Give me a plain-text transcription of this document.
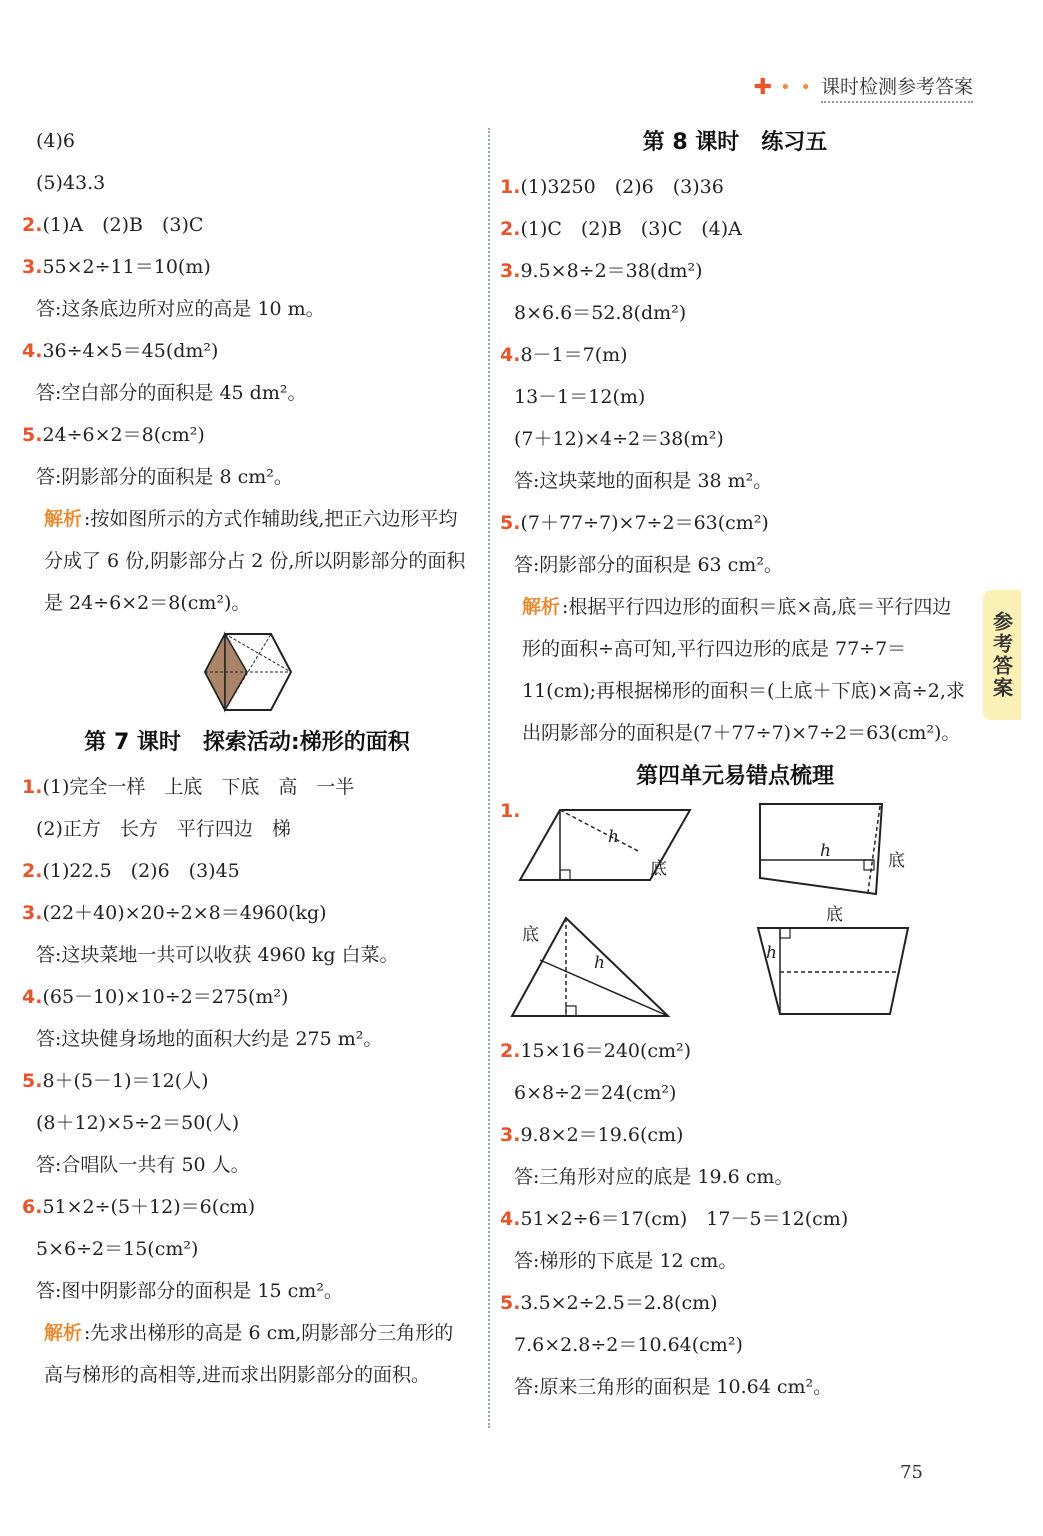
✚ • • 课时检测参考答案
(4)6
(5)43.3
2. (1)A　(2)B　(3)C
3. 55×2÷11＝10(m)
答:这条底边所对应的高是 10 m。
4. 36÷4×5＝45(dm²)
答:空白部分的面积是 45 dm²。
5. 24÷6×2＝8(cm²)
答:阴影部分的面积是 8 cm²。
解析 :按如图所示的方式作辅助线,把正六边形平均分成了 6 份,阴影部分占 2 份,所以阴影部分的面积是 24÷6×2＝8(cm²)。
第 7 课时　探索活动:梯形的面积
1. (1)完全一样　上底　下底　高　一半
(2)正方　长方　平行四边　梯
2. (1)22.5　(2)6　(3)45
3. (22＋40)×20÷2×8＝4960(kg)
答:这块菜地一共可以收获 4960 kg 白菜。
4. (65－10)×10÷2＝275(m²)
答:这块健身场地的面积大约是 275 m²。
5. 8＋(5－1)＝12(人)
(8＋12)×5÷2＝50(人)
答:合唱队一共有 50 人。
6. 51×2÷(5＋12)＝6(cm)
5×6÷2＝15(cm²)
答:图中阴影部分的面积是 15 cm²。
解析 :先求出梯形的高是 6 cm,阴影部分三角形的高与梯形的高相等,进而求出阴影部分的面积。
第 8 课时　练习五
1. (1)3250　(2)6　(3)36
2. (1)C　(2)B　(3)C　(4)A
3. 9.5×8÷2＝38(dm²)
8×6.6＝52.8(dm²)
4. 8－1＝7(m)
13－1＝12(m)
(7＋12)×4÷2＝38(m²)
答:这块菜地的面积是 38 m²。
5. (7＋77÷7)×7÷2＝63(cm²)
答:阴影部分的面积是 63 cm²。
解析 :根据平行四边形的面积＝底×高,底＝平行四边形的面积÷高可知,平行四边形的底是 77÷7＝11(cm);再根据梯形的面积＝(上底＋下底)×高÷2,求出阴影部分的面积是(7＋77÷7)×7÷2＝63(cm²)。
第四单元易错点梳理
1.
h
底
h	底
底
h
底
h
2. 15×16＝240(cm²)
6×8÷2＝24(cm²)
3. 9.8×2＝19.6(cm)
答:三角形对应的底是 19.6 cm。
4. 51×2÷6＝17(cm)　17－5＝12(cm)
答:梯形的下底是 12 cm。
5. 3.5×2÷2.5＝2.8(cm)
7.6×2.8÷2＝10.64(cm²)
答:原来三角形的面积是 10.64 cm²。
参考答案
75
